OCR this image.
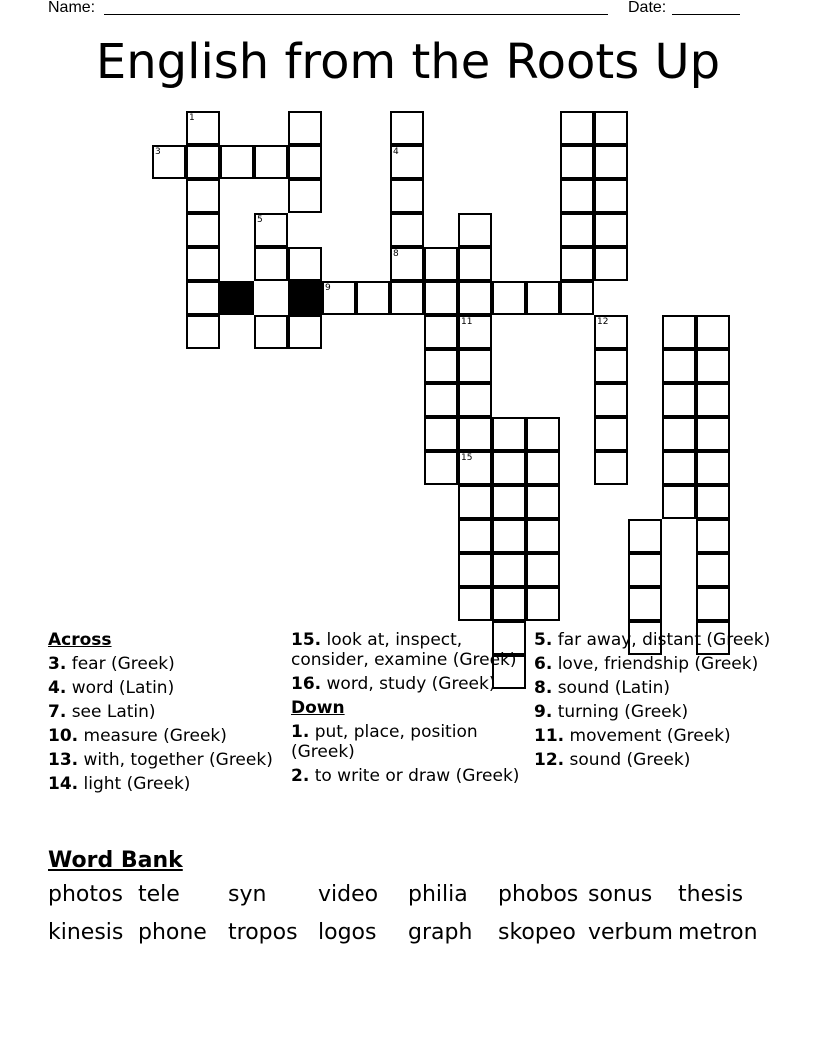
Name:	Date:
English from the Roots Up
3
1
5
9
4
8
11
15
12
Across
3. fear (Greek)
4. word (Latin)
7. see Latin)
10. measure (Greek)
13. with, together (Greek)
14. light (Greek)
15. look at, inspect, consider, examine (Greek)
16. word, study (Greek)
Down
1. put, place, position (Greek)
2. to write or draw (Greek)
5. far away, distant (Greek)
6. love, friendship (Greek)
8. sound (Latin)
9. turning (Greek)
11. movement (Greek)
12. sound (Greek)
Word Bank
photos tele syn video philia phobos sonus thesis
kinesis phone tropos logos graph skopeo verbum metron
